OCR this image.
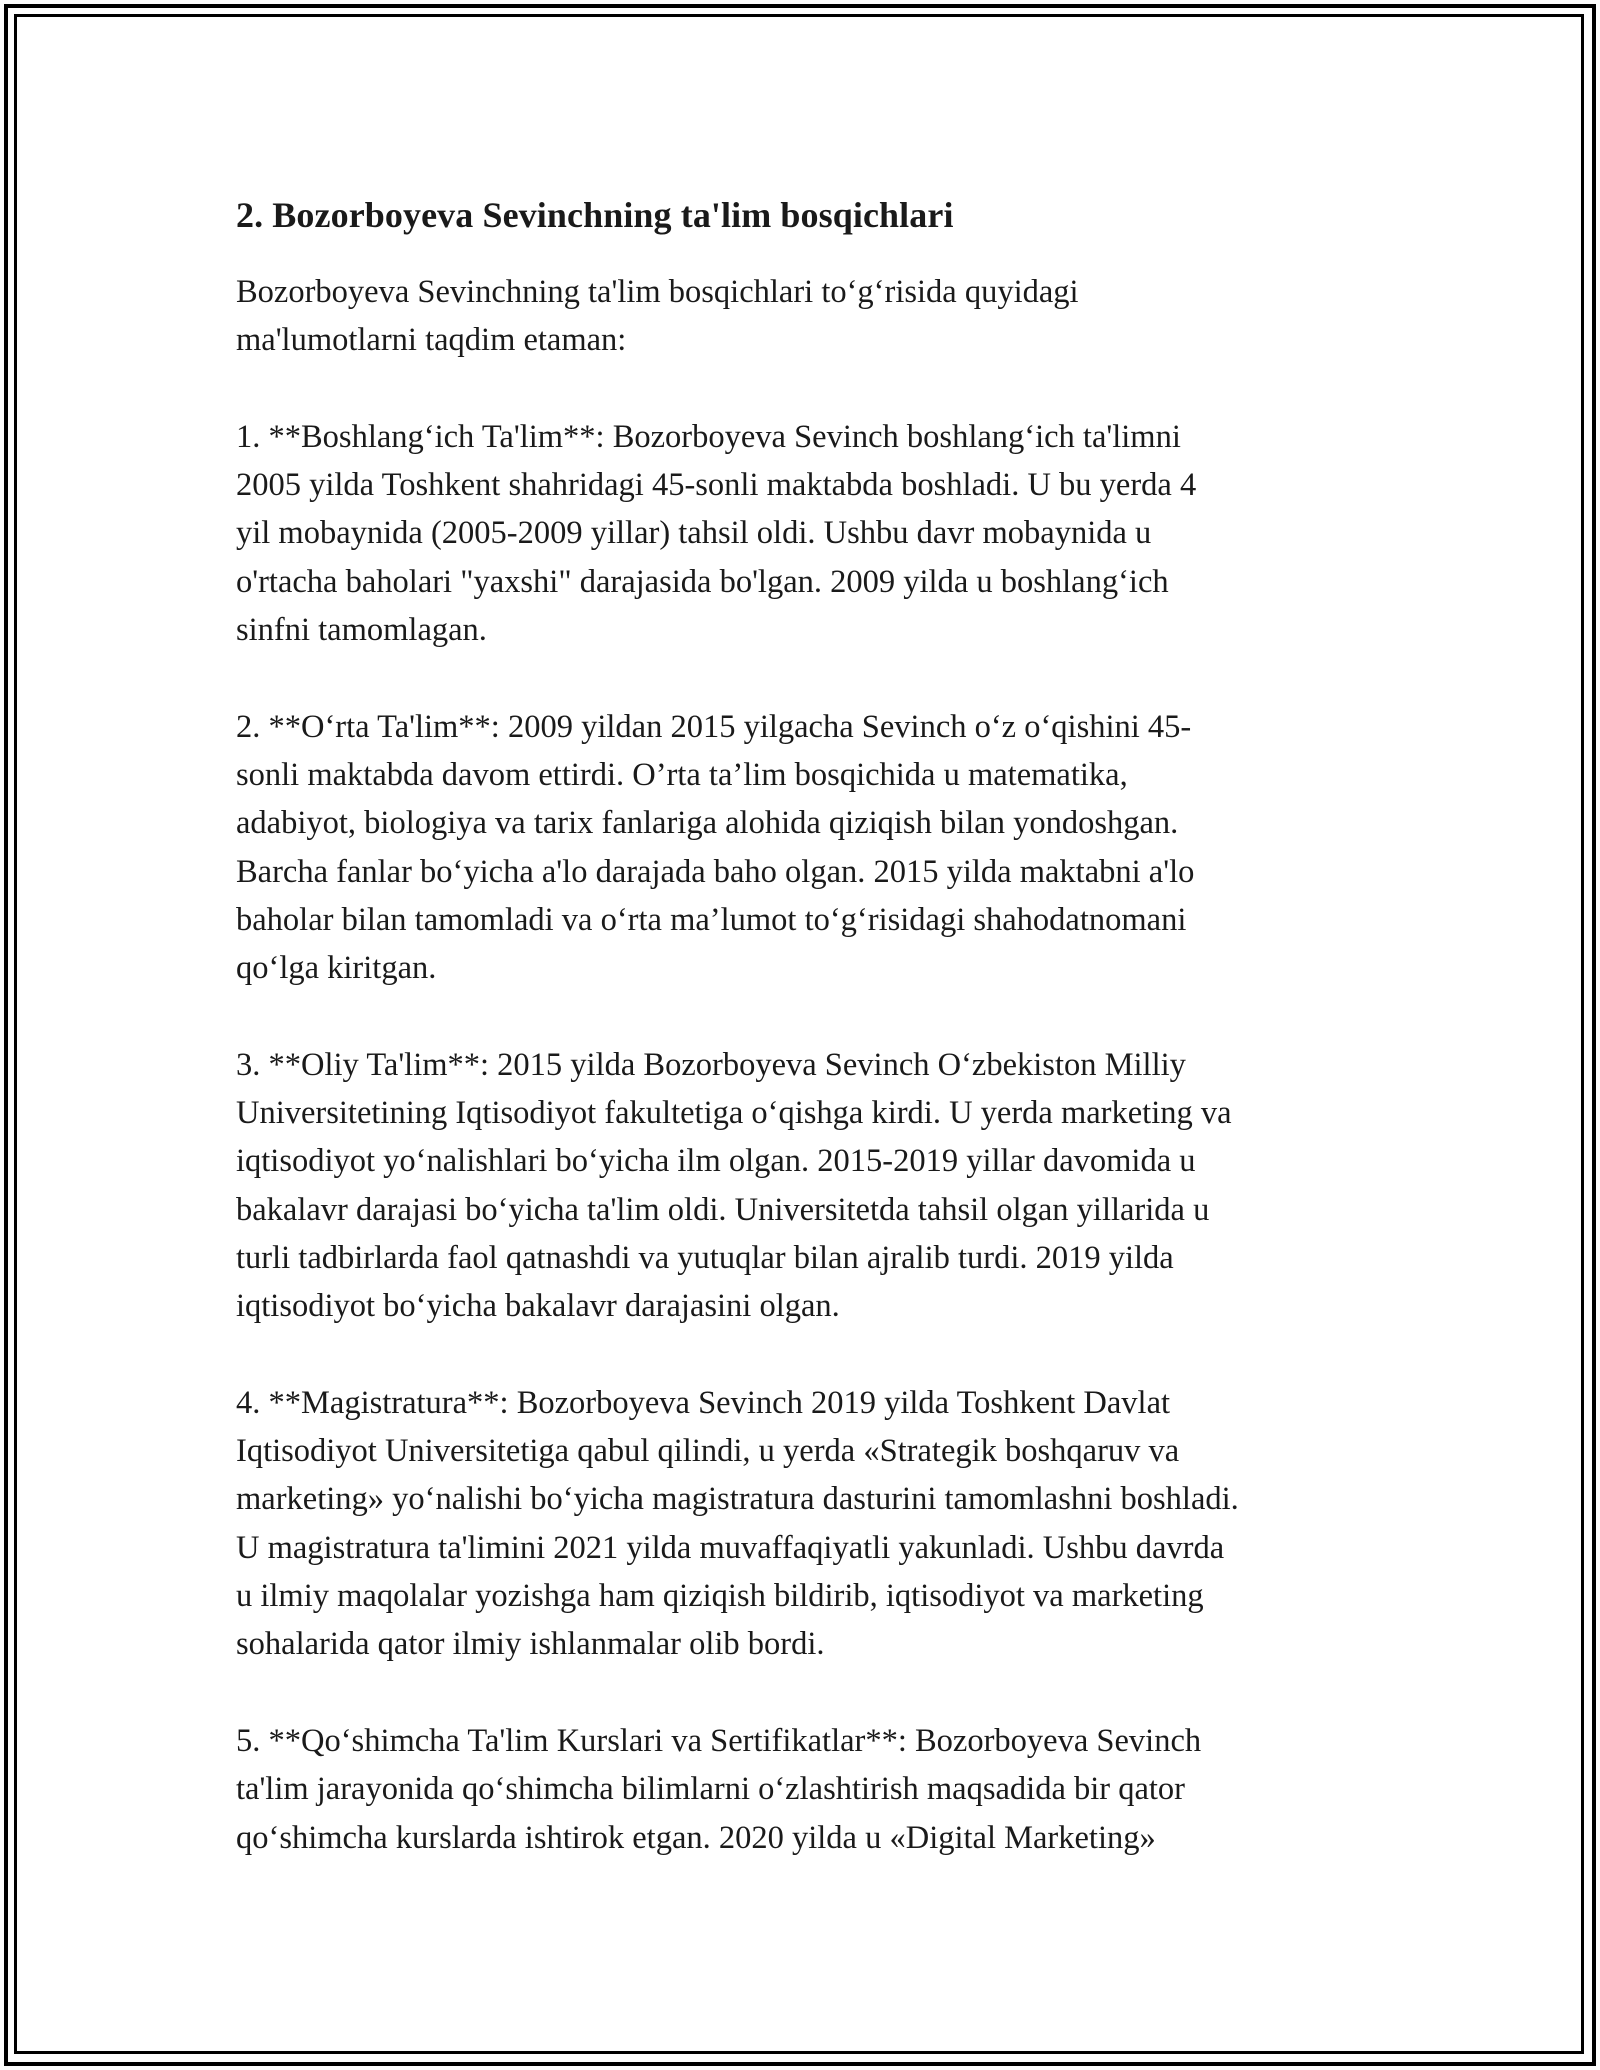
2. Bozorboyeva Sevinchning ta'lim bosqichlari

Bozorboyeva Sevinchning ta'lim bosqichlari to‘g‘risida quyidagi
ma'lumotlarni taqdim etaman:

1. **Boshlang‘ich Ta'lim**: Bozorboyeva Sevinch boshlang‘ich ta'limni
2005 yilda Toshkent shahridagi 45-sonli maktabda boshladi. U bu yerda 4
yil mobaynida (2005-2009 yillar) tahsil oldi. Ushbu davr mobaynida u
o'rtacha baholari "yaxshi" darajasida bo'lgan. 2009 yilda u boshlang‘ich
sinfni tamomlagan.

2. **O‘rta Ta'lim**: 2009 yildan 2015 yilgacha Sevinch o‘z o‘qishini 45-
sonli maktabda davom ettirdi. O’rta ta’lim bosqichida u matematika,
adabiyot, biologiya va tarix fanlariga alohida qiziqish bilan yondoshgan.
Barcha fanlar bo‘yicha a'lo darajada baho olgan. 2015 yilda maktabni a'lo
baholar bilan tamomladi va o‘rta ma’lumot to‘g‘risidagi shahodatnomani
qo‘lga kiritgan.

3. **Oliy Ta'lim**: 2015 yilda Bozorboyeva Sevinch O‘zbekiston Milliy
Universitetining Iqtisodiyot fakultetiga o‘qishga kirdi. U yerda marketing va
iqtisodiyot yo‘nalishlari bo‘yicha ilm olgan. 2015-2019 yillar davomida u
bakalavr darajasi bo‘yicha ta'lim oldi. Universitetda tahsil olgan yillarida u
turli tadbirlarda faol qatnashdi va yutuqlar bilan ajralib turdi. 2019 yilda
iqtisodiyot bo‘yicha bakalavr darajasini olgan.

4. **Magistratura**: Bozorboyeva Sevinch 2019 yilda Toshkent Davlat
Iqtisodiyot Universitetiga qabul qilindi, u yerda «Strategik boshqaruv va
marketing» yo‘nalishi bo‘yicha magistratura dasturini tamomlashni boshladi.
U magistratura ta'limini 2021 yilda muvaffaqiyatli yakunladi. Ushbu davrda
u ilmiy maqolalar yozishga ham qiziqish bildirib, iqtisodiyot va marketing
sohalarida qator ilmiy ishlanmalar olib bordi.

5. **Qo‘shimcha Ta'lim Kurslari va Sertifikatlar**: Bozorboyeva Sevinch
ta'lim jarayonida qo‘shimcha bilimlarni o‘zlashtirish maqsadida bir qator
qo‘shimcha kurslarda ishtirok etgan. 2020 yilda u «Digital Marketing»
